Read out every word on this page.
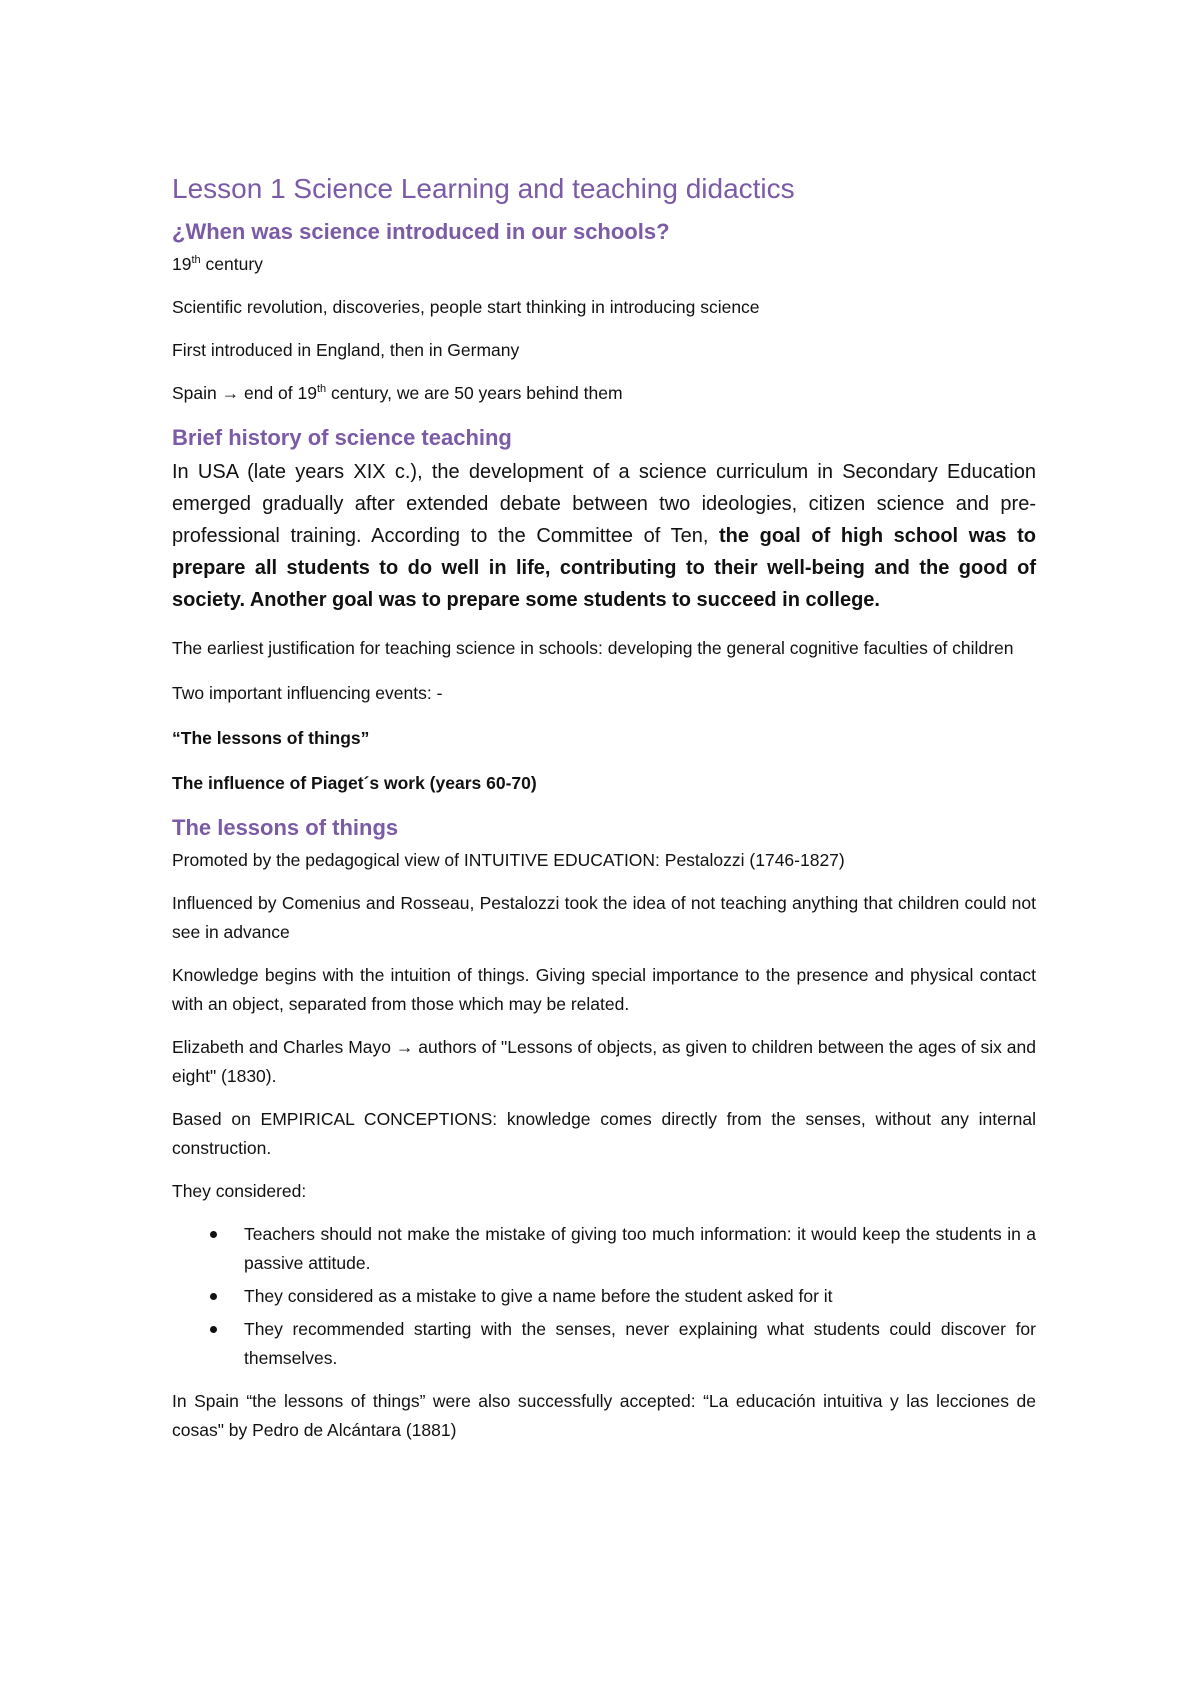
Lesson 1 Science Learning and teaching didactics
¿When was science introduced in our schools?

19th century

Scientific revolution, discoveries, people start thinking in introducing science

First introduced in England, then in Germany

Spain → end of 19th century, we are 50 years behind them

Brief history of science teaching

In USA (late years XIX c.), the development of a science curriculum in Secondary Education emerged gradually after extended debate between two ideologies, citizen science and pre-professional training. According to the Committee of Ten, the goal of high school was to prepare all students to do well in life, contributing to their well-being and the good of society. Another goal was to prepare some students to succeed in college.

The earliest justification for teaching science in schools: developing the general cognitive faculties of children

Two important influencing events: -

“The lessons of things”

The influence of Piaget´s work (years 60-70)

The lessons of things

Promoted by the pedagogical view of INTUITIVE EDUCATION: Pestalozzi (1746-1827)

Influenced by Comenius and Rosseau, Pestalozzi took the idea of not teaching anything that children could not see in advance

Knowledge begins with the intuition of things. Giving special importance to the presence and physical contact with an object, separated from those which may be related.

Elizabeth and Charles Mayo → authors of "Lessons of objects, as given to children between the ages of six and eight" (1830).

Based on EMPIRICAL CONCEPTIONS: knowledge comes directly from the senses, without any internal construction.

They considered:

Teachers should not make the mistake of giving too much information: it would keep the students in a passive attitude.
They considered as a mistake to give a name before the student asked for it
They recommended starting with the senses, never explaining what students could discover for themselves.

In Spain “the lessons of things” were also successfully accepted: “La educación intuitiva y las lecciones de cosas" by Pedro de Alcántara (1881)
